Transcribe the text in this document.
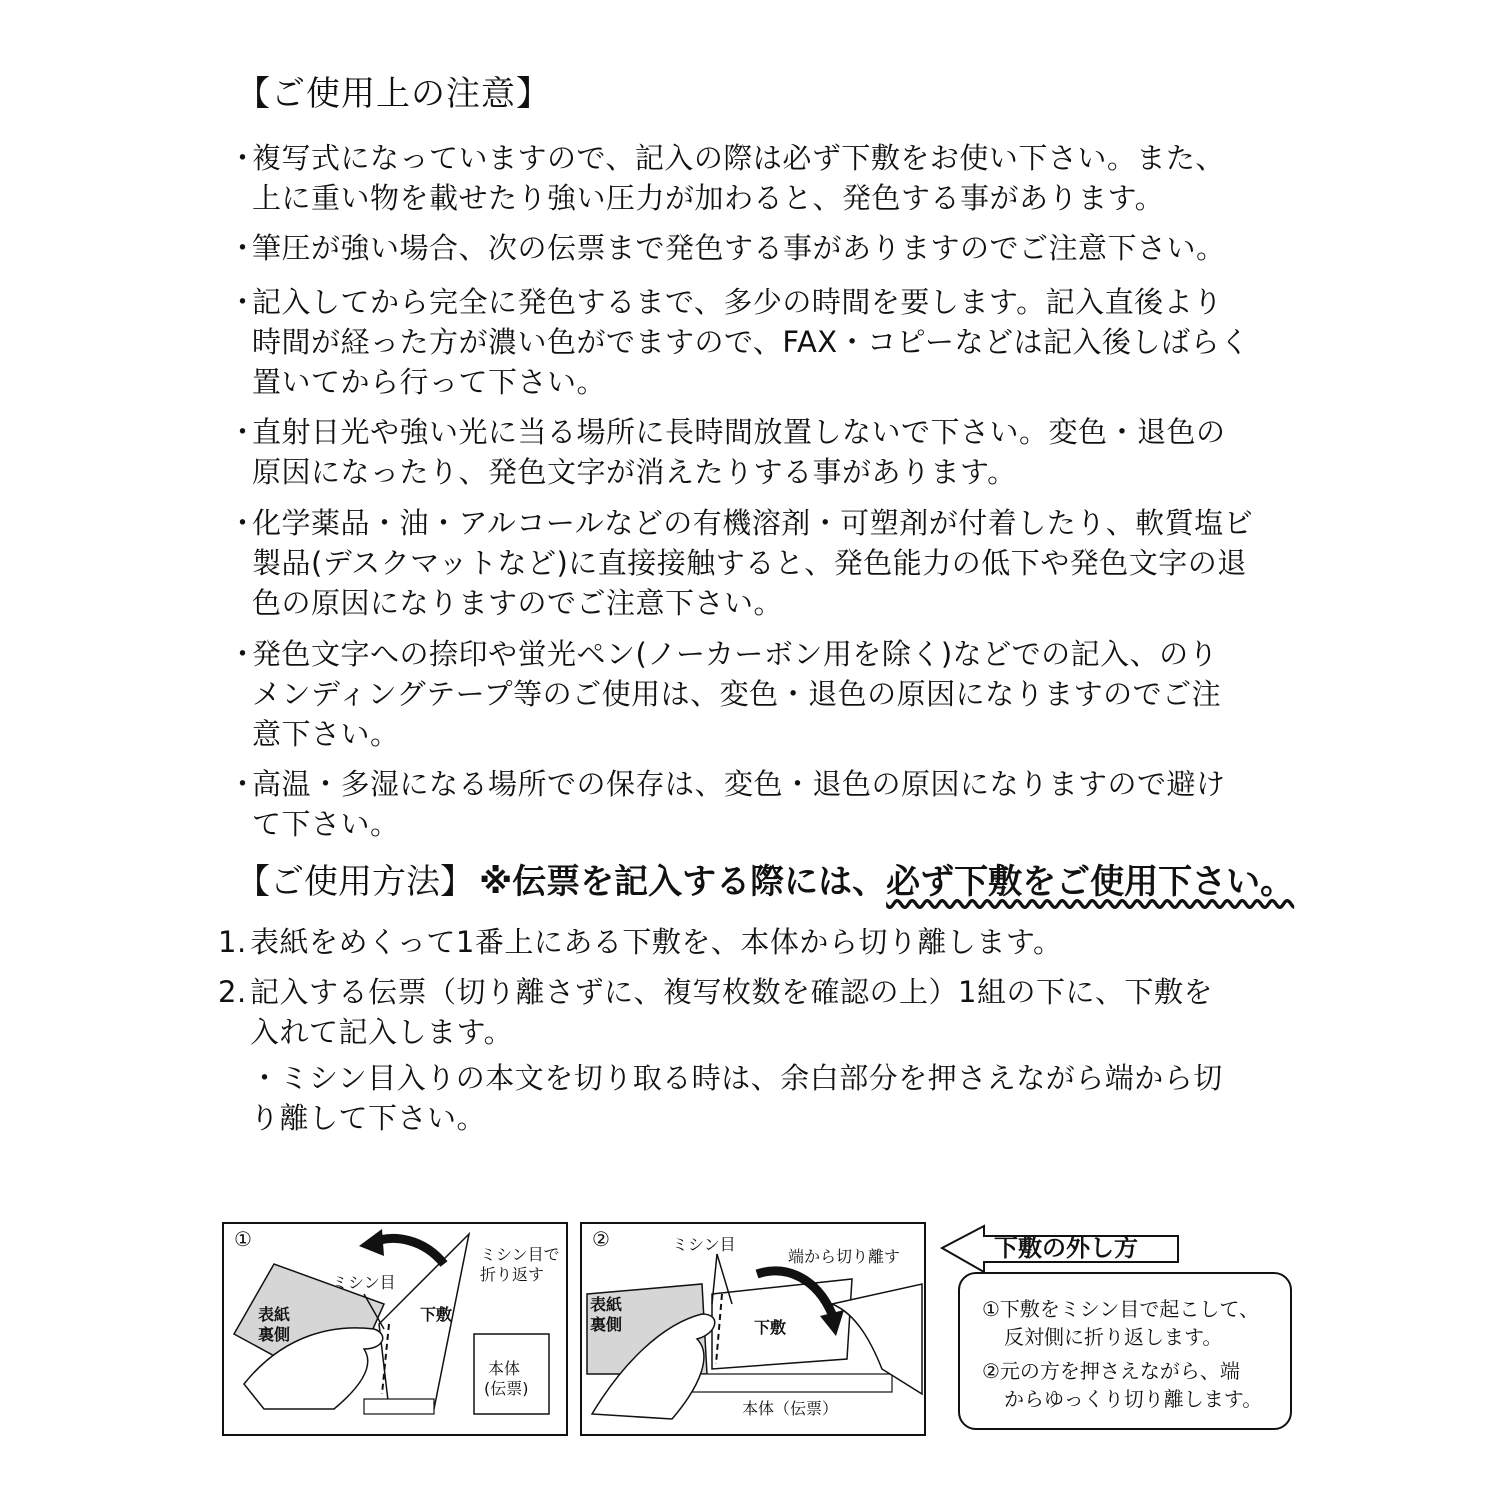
【ご使用上の注意】
・
複写式になっていますので、記入の際は必ず下敷をお使い下さい。また、
上に重い物を載せたり強い圧力が加わると、発色する事があります。
・
筆圧が強い場合、次の伝票まで発色する事がありますのでご注意下さい。
・
記入してから完全に発色するまで、多少の時間を要します。記入直後より
時間が経った方が濃い色がでますので、FAX・コピーなどは記入後しばらく
置いてから行って下さい。
・
直射日光や強い光に当る場所に長時間放置しないで下さい。変色・退色の
原因になったり、発色文字が消えたりする事があります。
・
化学薬品・油・アルコールなどの有機溶剤・可塑剤が付着したり、軟質塩ビ
製品(デスクマットなど)に直接接触すると、発色能力の低下や発色文字の退
色の原因になりますのでご注意下さい。
・
発色文字への捺印や蛍光ペン(ノーカーボン用を除く)などでの記入、のり
メンディングテープ等のご使用は、変色・退色の原因になりますのでご注
意下さい。
・
高温・多湿になる場所での保存は、変色・退色の原因になりますので避け
て下さい。
【ご使用方法】 ※伝票を記入する際には、必ず下敷をご使用下さい。
1. 表紙をめくって1番上にある下敷を、本体から切り離します。
2. 記入する伝票（切り離さずに、複写枚数を確認の上）1組の下に、下敷を
入れて記入します。
・ミシン目入りの本文を切り取る時は、余白部分を押さえながら端から切
り離して下さい。
①
表紙
裏側
ミシン目
ミシン目で
折り返す
下敷
本体
(伝票)
②	ミシン目
端から切り離す
表紙
裏側	下敷
本体（伝票）
下敷の外し方
①下敷をミシン目で起こして、
反対側に折り返します。
②元の方を押さえながら、端
からゆっくり切り離します。
